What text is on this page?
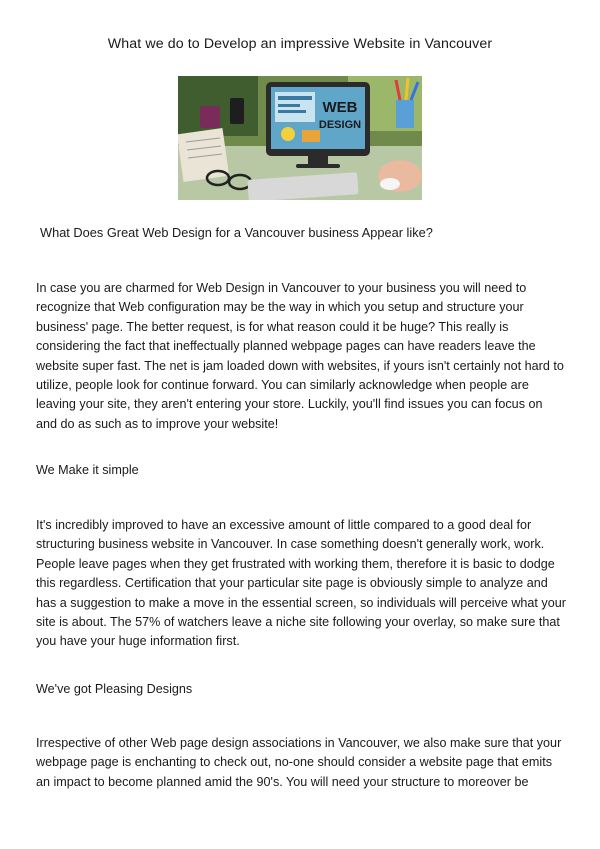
What we do to Develop an impressive Website in Vancouver
WEB
DESIGN
What Does Great Web Design for a Vancouver business Appear like?

In case you are charmed for Web Design in Vancouver to your business you will need to recognize that Web configuration may be the way in which you setup and structure your business' page. The better request, is for what reason could it be huge? This really is considering the fact that ineffectually planned webpage pages can have readers leave the website super fast. The net is jam loaded down with websites, if yours isn't certainly not hard to utilize, people look for continue forward. You can similarly acknowledge when people are leaving your site, they aren't entering your store. Luckily, you'll find issues you can focus on and do as such as to improve your website!

We Make it simple

It's incredibly improved to have an excessive amount of little compared to a good deal for structuring business website in Vancouver. In case something doesn't generally work, work. People leave pages when they get frustrated with working them, therefore it is basic to dodge this regardless. Certification that your particular site page is obviously simple to analyze and has a suggestion to make a move in the essential screen, so individuals will perceive what your site is about. The 57% of watchers leave a niche site following your overlay, so make sure that you have your huge information first.

We've got Pleasing Designs

Irrespective of other Web page design associations in Vancouver, we also make sure that your webpage page is enchanting to check out, no-one should consider a website page that emits an impact to become planned amid the 90's. You will need your structure to moreover be
